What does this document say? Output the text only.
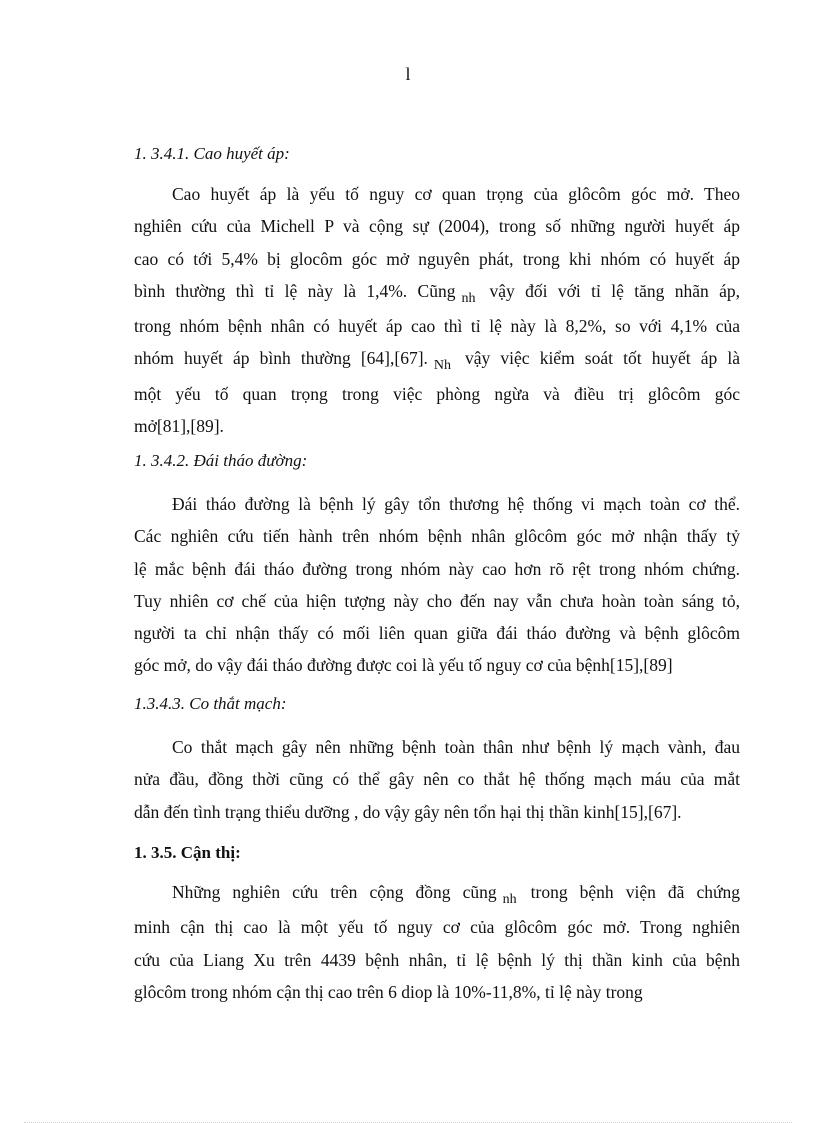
l
1. 3.4.1. Cao huyết áp:
Cao huyết áp là yếu tố nguy cơ quan trọng của glôcôm góc mở. Theo
nghiên cứu của Michell P và cộng sự (2004), trong số những người huyết áp
cao có tới 5,4% bị glocôm góc mở nguyên phát, trong khi nhóm có huyết áp
bình thường thì tỉ lệ này là 1,4%. Cũng $_{nh}$ vậy đối với tỉ lệ tăng nhãn áp,
trong nhóm bệnh nhân có huyết áp cao thì tỉ lệ này là 8,2%, so với 4,1% của
nhóm huyết áp bình thường [64],[67]. $_{Nh}$ vậy việc kiểm soát tốt huyết áp là
một yếu tố quan trọng trong việc phòng ngừa và điều trị glôcôm góc
mở[81],[89].
1. 3.4.2. Đái tháo đường:
Đái tháo đường là bệnh lý gây tổn thương hệ thống vi mạch toàn cơ thể.
Các nghiên cứu tiến hành trên nhóm bệnh nhân glôcôm góc mở nhận thấy tỷ
lệ mắc bệnh đái tháo đường trong nhóm này cao hơn rõ rệt trong nhóm chứng.
Tuy nhiên cơ chế của hiện tượng này cho đến nay vẫn chưa hoàn toàn sáng tỏ,
người ta chỉ nhận thấy có mối liên quan giữa đái tháo đường và bệnh glôcôm
góc mở, do vậy đái tháo đường được coi là yếu tố nguy cơ của bệnh[15],[89]
1.3.4.3. Co thắt mạch:
Co thắt mạch gây nên những bệnh toàn thân như bệnh lý mạch vành, đau
nửa đầu, đồng thời cũng có thể gây nên co thắt hệ thống mạch máu của mắt
dẫn đến tình trạng thiểu dưỡng , do vậy gây nên tổn hại thị thần kinh[15],[67].
1. 3.5. Cận thị:
Những nghiên cứu trên cộng đồng cũng $_{nh}$ trong bệnh viện đã chứng
minh cận thị cao là một yếu tố nguy cơ của glôcôm góc mở. Trong nghiên
cứu của Liang Xu trên 4439 bệnh nhân, tỉ lệ bệnh lý thị thần kinh của bệnh
glôcôm trong nhóm cận thị cao trên 6 diop là 10%-11,8%, tỉ lệ này trong
